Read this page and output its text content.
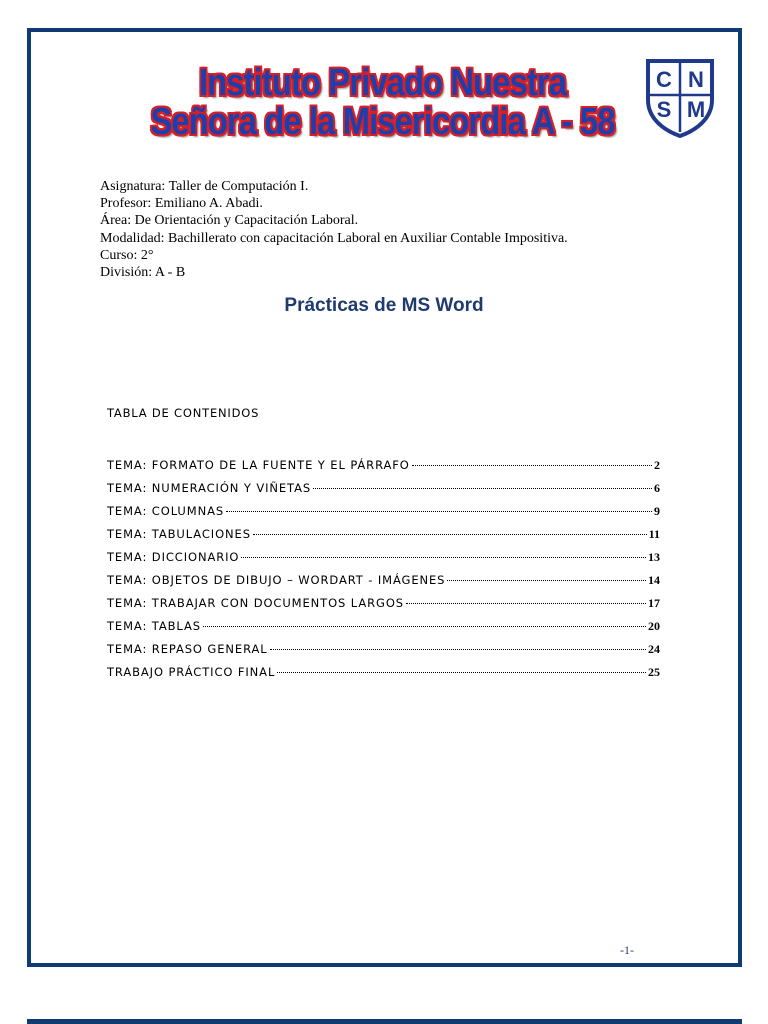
Instituto Privado Nuestra
Señora de la Misericordia A - 58
C N
S M
Asignatura: Taller de Computación I.
Profesor: Emiliano A. Abadi.
Área: De Orientación y Capacitación Laboral.
Modalidad: Bachillerato con capacitación Laboral en Auxiliar Contable Impositiva.
Curso: 2°
División: A - B
Prácticas de MS Word
TABLA DE CONTENIDOS
TEMA: FORMATO DE LA FUENTE Y EL PÁRRAFO	2
TEMA: NUMERACIÓN Y VIÑETAS	6
TEMA: COLUMNAS	9
TEMA: TABULACIONES	11
TEMA: DICCIONARIO	13
TEMA: OBJETOS DE DIBUJO – WORDART - IMÁGENES	14
TEMA: TRABAJAR CON DOCUMENTOS LARGOS	17
TEMA: TABLAS	20
TEMA: REPASO GENERAL	24
TRABAJO PRÁCTICO FINAL	25
-1-
